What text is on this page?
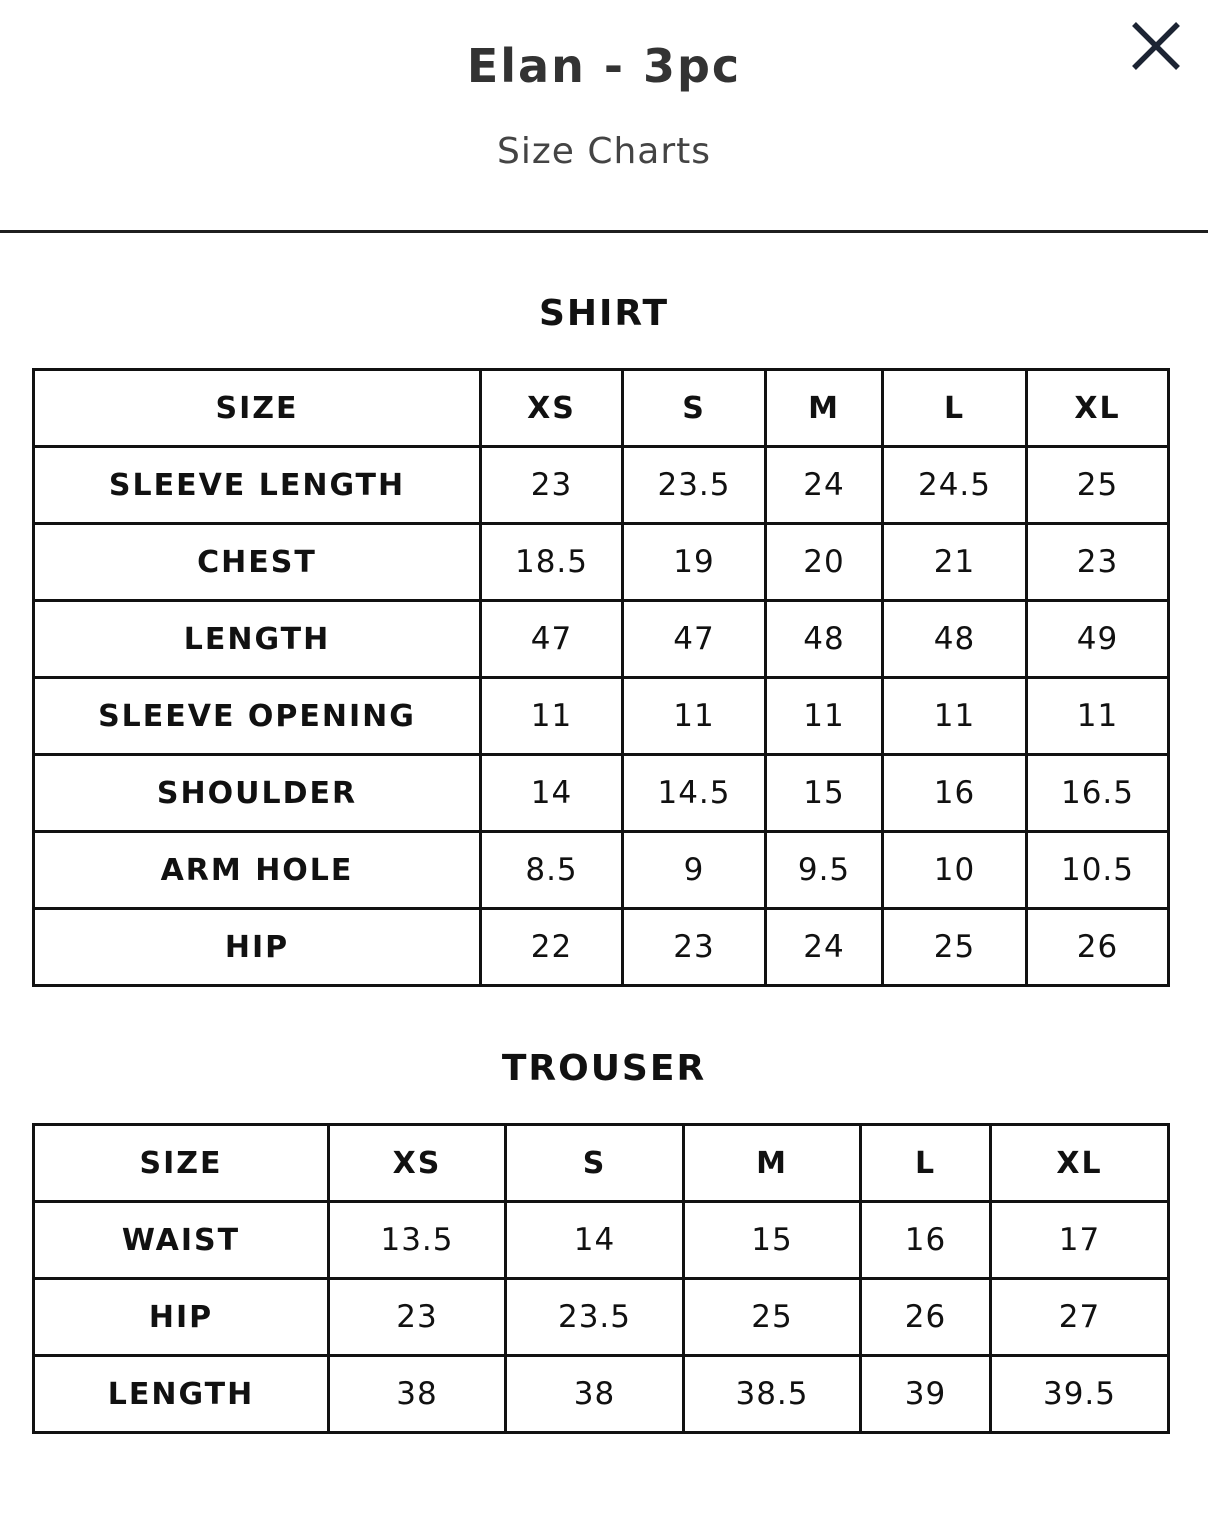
Elan - 3pc
Size Charts
SHIRT
SIZE	XS	S	M	L	XL
SLEEVE LENGTH	23	23.5	24	24.5	25
CHEST	18.5	19	20	21	23
LENGTH	47	47	48	48	49
SLEEVE OPENING	11	11	11	11	11
SHOULDER	14	14.5	15	16	16.5
ARM HOLE	8.5	9	9.5	10	10.5
HIP	22	23	24	25	26
TROUSER
SIZE	XS	S	M	L	XL
WAIST	13.5	14	15	16	17
HIP	23	23.5	25	26	27
LENGTH	38	38	38.5	39	39.5
